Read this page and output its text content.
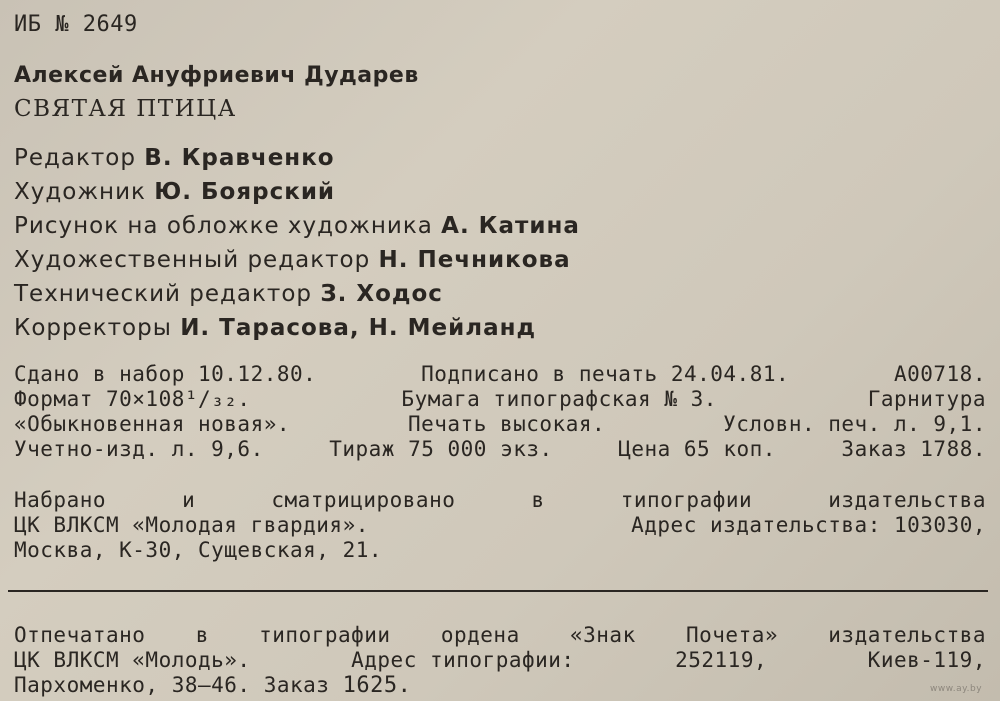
ИБ № 2649
Алексей Ануфриевич Дударев
СВЯТАЯ ПТИЦА
Редактор В. Кравченко
Художник Ю. Боярский
Рисунок на обложке художника А. Катина
Художественный редактор Н. Печникова
Технический редактор З. Ходос
Корректоры И. Тарасова, Н. Мейланд
Сдано в набор 10.12.80.	Подписано в печать 24.04.81.	А00718.
Формат 70×108¹/₃₂.	Бумага типографская № 3.	Гарнитура
«Обыкновенная новая».	Печать высокая.	Условн. печ. л. 9,1.
Учетно-изд. л. 9,6.	Тираж 75 000 экз.	Цена 65 коп.	Заказ 1788.
Набрано	и	сматрицировано	в	типографии	издательства
ЦК ВЛКСМ «Молодая гвардия».	Адрес издательства: 103030,
Москва, К-30, Сущевская, 21.
Отпечатано в типографии ордена «Знак Почета» издательства
ЦК ВЛКСМ «Молодь».	Адрес типографии:	252119,	Киев-119,
Пархоменко, 38—46. Заказ 1625.	www.ay.by
